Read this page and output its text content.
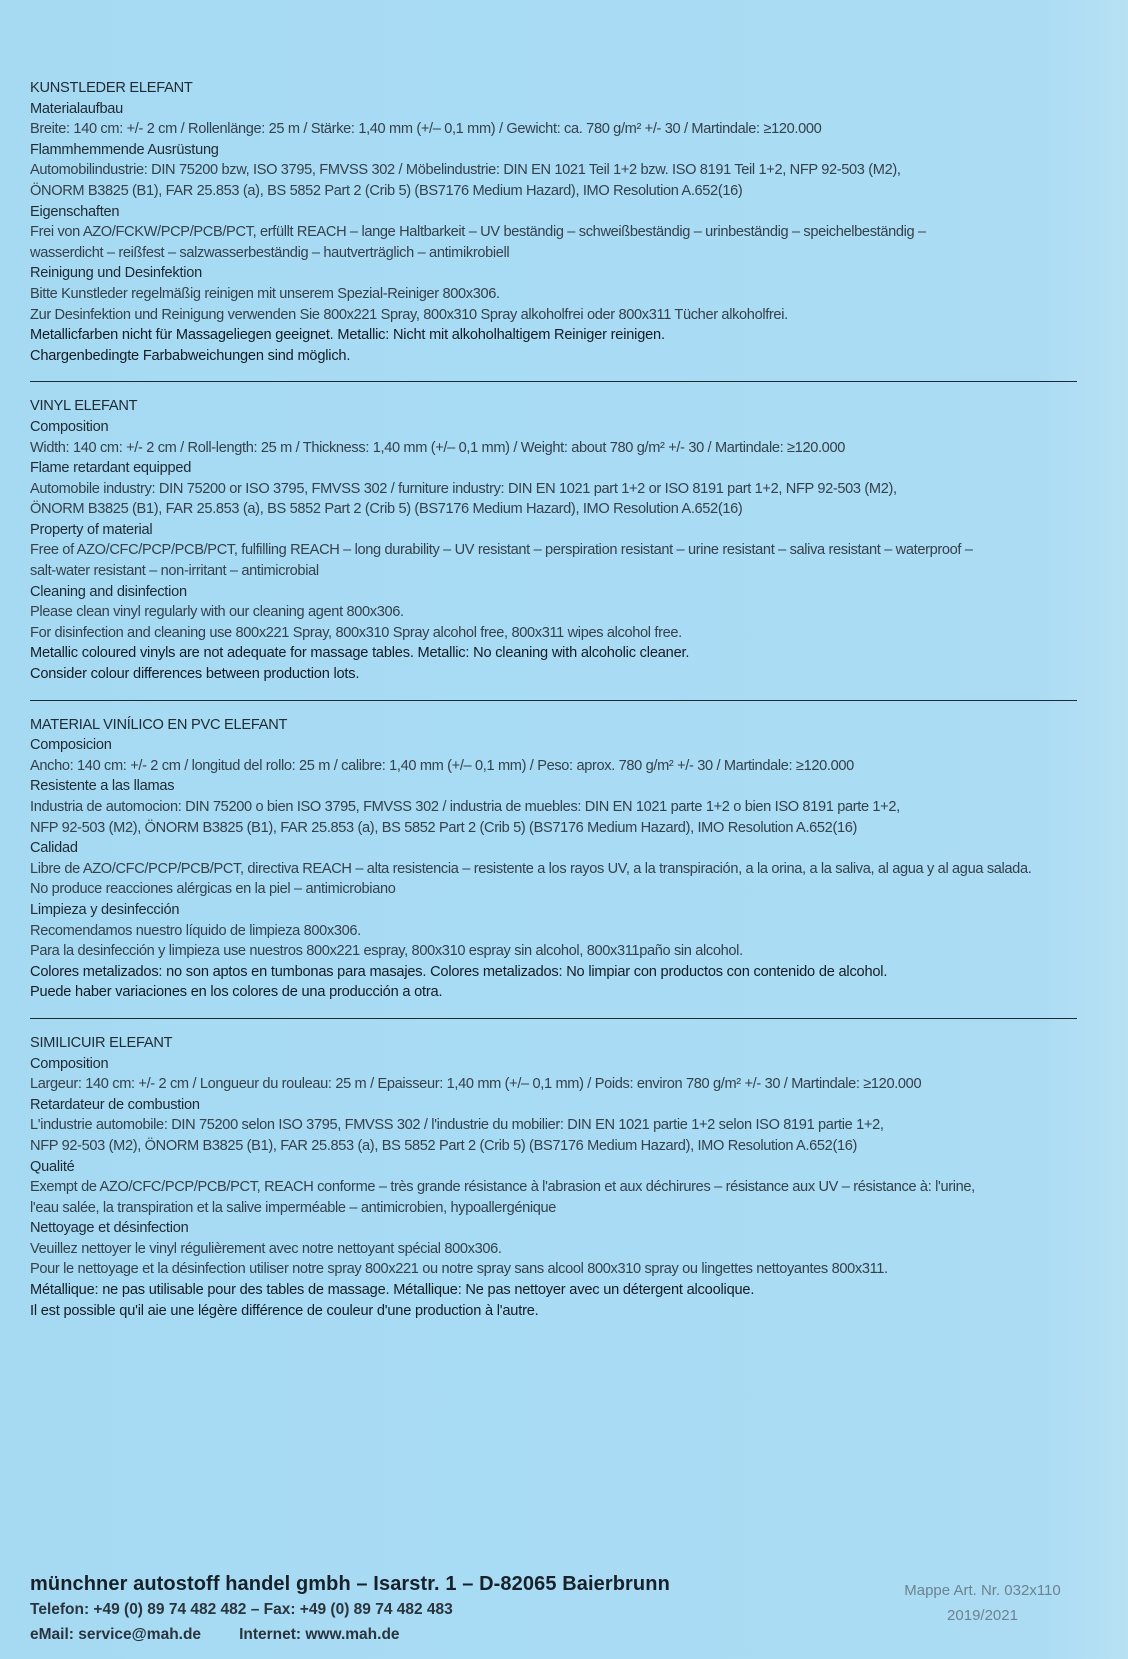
KUNSTLEDER ELEFANT
Materialaufbau
Breite: 140 cm: +/- 2 cm / Rollenlänge: 25 m / Stärke: 1,40 mm (+/– 0,1 mm) / Gewicht: ca. 780 g/m² +/- 30 / Martindale: ≥120.000
Flammhemmende Ausrüstung
Automobilindustrie: DIN 75200 bzw, ISO 3795, FMVSS 302 / Möbelindustrie: DIN EN 1021 Teil 1+2 bzw. ISO 8191 Teil 1+2, NFP 92-503 (M2),
ÖNORM B3825 (B1), FAR 25.853 (a), BS 5852 Part 2 (Crib 5) (BS7176 Medium Hazard), IMO Resolution A.652(16)
Eigenschaften
Frei von AZO/FCKW/PCP/PCB/PCT, erfüllt REACH – lange Haltbarkeit – UV beständig – schweißbeständig – urinbeständig – speichelbeständig –
wasserdicht – reißfest – salzwasserbeständig – hautverträglich – antimikrobiell
Reinigung und Desinfektion
Bitte Kunstleder regelmäßig reinigen mit unserem Spezial-Reiniger 800x306.
Zur Desinfektion und Reinigung verwenden Sie 800x221 Spray, 800x310 Spray alkoholfrei oder 800x311 Tücher alkoholfrei.
Metallicfarben nicht für Massageliegen geeignet. Metallic: Nicht mit alkoholhaltigem Reiniger reinigen.
Chargenbedingte Farbabweichungen sind möglich.
VINYL ELEFANT
Composition
Width: 140 cm: +/- 2 cm / Roll-length: 25 m / Thickness: 1,40 mm (+/– 0,1 mm) / Weight: about 780 g/m² +/- 30 / Martindale: ≥120.000
Flame retardant equipped
Automobile industry: DIN 75200 or ISO 3795, FMVSS 302 / furniture industry: DIN EN 1021 part 1+2 or ISO 8191 part 1+2, NFP 92-503 (M2),
ÖNORM B3825 (B1), FAR 25.853 (a), BS 5852 Part 2 (Crib 5) (BS7176 Medium Hazard), IMO Resolution A.652(16)
Property of material
Free of AZO/CFC/PCP/PCB/PCT, fulfilling REACH – long durability – UV resistant – perspiration resistant – urine resistant – saliva resistant – waterproof –
salt-water resistant – non-irritant – antimicrobial
Cleaning and disinfection
Please clean vinyl regularly with our cleaning agent 800x306.
For disinfection and cleaning use 800x221 Spray, 800x310 Spray alcohol free, 800x311 wipes alcohol free.
Metallic coloured vinyls are not adequate for massage tables. Metallic: No cleaning with alcoholic cleaner.
Consider colour differences between production lots.
MATERIAL VINÍLICO EN PVC ELEFANT
Composicion
Ancho: 140 cm: +/- 2 cm / longitud del rollo: 25 m / calibre: 1,40 mm (+/– 0,1 mm) / Peso: aprox. 780 g/m² +/- 30 / Martindale: ≥120.000
Resistente a las llamas
Industria de automocion: DIN 75200 o bien ISO 3795, FMVSS 302 / industria de muebles: DIN EN 1021 parte 1+2 o bien ISO 8191 parte 1+2,
NFP 92-503 (M2), ÖNORM B3825 (B1), FAR 25.853 (a), BS 5852 Part 2 (Crib 5) (BS7176 Medium Hazard), IMO Resolution A.652(16)
Calidad
Libre de AZO/CFC/PCP/PCB/PCT, directiva REACH – alta resistencia – resistente a los rayos UV, a la transpiración, a la orina, a la saliva, al agua y al agua salada.
No produce reacciones alérgicas en la piel – antimicrobiano
Limpieza y desinfección
Recomendamos nuestro líquido de limpieza 800x306.
Para la desinfección y limpieza use nuestros 800x221 espray, 800x310 espray sin alcohol, 800x311paño sin alcohol.
Colores metalizados: no son aptos en tumbonas para masajes. Colores metalizados: No limpiar con productos con contenido de alcohol.
Puede haber variaciones en los colores de una producción a otra.
SIMILICUIR ELEFANT
Composition
Largeur: 140 cm: +/- 2 cm / Longueur du rouleau: 25 m / Epaisseur: 1,40 mm (+/– 0,1 mm) / Poids: environ 780 g/m² +/- 30 / Martindale: ≥120.000
Retardateur de combustion
L'industrie automobile: DIN 75200 selon ISO 3795, FMVSS 302 / l'industrie du mobilier: DIN EN 1021 partie 1+2 selon ISO 8191 partie 1+2,
NFP 92-503 (M2), ÖNORM B3825 (B1), FAR 25.853 (a), BS 5852 Part 2 (Crib 5) (BS7176 Medium Hazard), IMO Resolution A.652(16)
Qualité
Exempt de AZO/CFC/PCP/PCB/PCT, REACH conforme – très grande résistance à l'abrasion et aux déchirures – résistance aux UV – résistance à: l'urine,
l'eau salée, la transpiration et la salive imperméable – antimicrobien, hypoallergénique
Nettoyage et désinfection
Veuillez nettoyer le vinyl régulièrement avec notre nettoyant spécial 800x306.
Pour le nettoyage et la désinfection utiliser notre spray 800x221 ou notre spray sans alcool 800x310 spray ou lingettes nettoyantes 800x311.
Métallique: ne pas utilisable pour des tables de massage. Métallique: Ne pas nettoyer avec un détergent alcoolique.
Il est possible qu'il aie une légère différence de couleur d'une production à l'autre.
münchner autostoff handel gmbh – Isarstr. 1 – D-82065 Baierbrunn
Telefon: +49 (0) 89 74 482 482 – Fax: +49 (0) 89 74 482 483
eMail: service@mah.de Internet: www.mah.de
Mappe Art. Nr. 032x110
2019/2021
